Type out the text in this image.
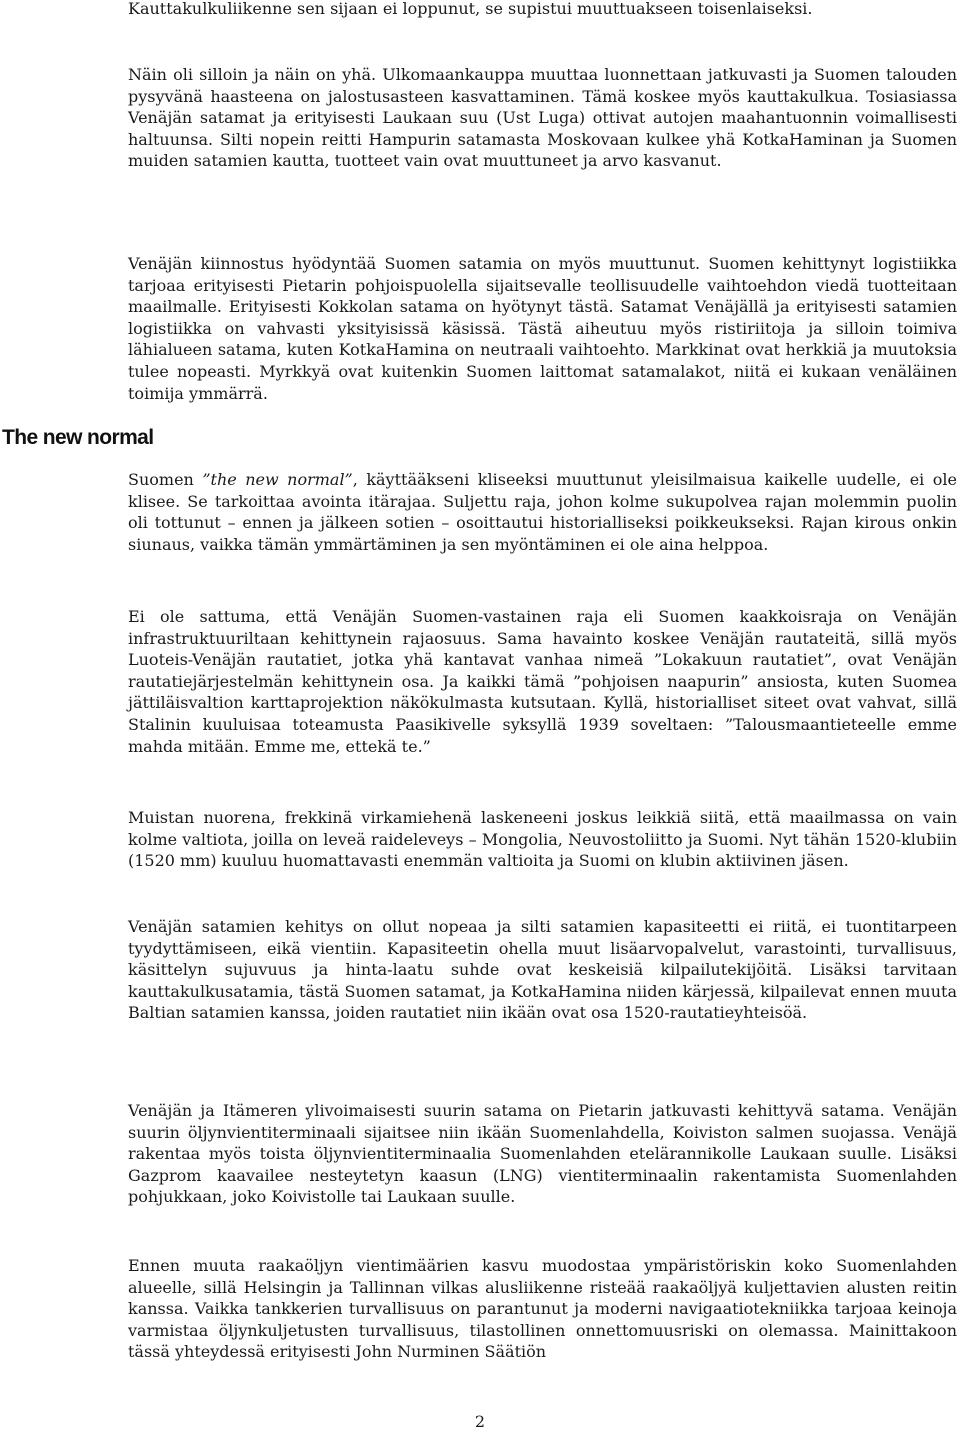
Kauttakulkuliikenne sen sijaan ei loppunut, se supistui muuttuakseen toisenlaiseksi.

Näin oli silloin ja näin on yhä. Ulkomaankauppa muuttaa luonnettaan jatkuvasti ja Suomen talouden pysyvänä haasteena on jalostusasteen kasvattaminen. Tämä koskee myös kauttakulkua. Tosiasiassa Venäjän satamat ja erityisesti Laukaan suu (Ust Luga) ottivat autojen maahantuonnin voimallisesti haltuunsa. Silti nopein reitti Hampurin satamasta Moskovaan kulkee yhä KotkaHaminan ja Suomen muiden satamien kautta, tuotteet vain ovat muuttuneet ja arvo kasvanut.

Venäjän kiinnostus hyödyntää Suomen satamia on myös muuttunut. Suomen kehittynyt logistiikka tarjoaa erityisesti Pietarin pohjoispuolella sijaitsevalle teollisuudelle vaihtoehdon viedä tuotteitaan maailmalle. Erityisesti Kokkolan satama on hyötynyt tästä. Satamat Venäjällä ja erityisesti satamien logistiikka on vahvasti yksityisissä käsissä. Tästä aiheutuu myös ristiriitoja ja silloin toimiva lähialueen satama, kuten KotkaHamina on neutraali vaihtoehto. Markkinat ovat herkkiä ja muutoksia tulee nopeasti. Myrkkyä ovat kuitenkin Suomen laittomat satamalakot, niitä ei kukaan venäläinen toimija ymmärrä.

Suomen ”the new normal”, käyttääkseni kliseeksi muuttunut yleisilmaisua kaikelle uudelle, ei ole klisee. Se tarkoittaa avointa itärajaa. Suljettu raja, johon kolme sukupolvea rajan molemmin puolin oli tottunut – ennen ja jälkeen sotien – osoittautui historialliseksi poikkeukseksi. Rajan kirous onkin siunaus, vaikka tämän ymmärtäminen ja sen myöntäminen ei ole aina helppoa.

Ei ole sattuma, että Venäjän Suomen-vastainen raja eli Suomen kaakkoisraja on Venäjän infrastruktuuriltaan kehittynein rajaosuus. Sama havainto koskee Venäjän rautateitä, sillä myös Luoteis-Venäjän rautatiet, jotka yhä kantavat vanhaa nimeä ”Lokakuun rautatiet”, ovat Venäjän rautatiejärjestelmän kehittynein osa. Ja kaikki tämä ”pohjoisen naapurin” ansiosta, kuten Suomea jättiläisvaltion karttaprojektion näkökulmasta kutsutaan. Kyllä, historialliset siteet ovat vahvat, sillä Stalinin kuuluisaa toteamusta Paasikivelle syksyllä 1939 soveltaen: ”Talousmaantieteelle emme mahda mitään. Emme me, ettekä te.”

Muistan nuorena, frekkinä virkamiehenä laskeneeni joskus leikkiä siitä, että maailmassa on vain kolme valtiota, joilla on leveä raideleveys – Mongolia, Neuvostoliitto ja Suomi. Nyt tähän 1520-klubiin (1520 mm) kuuluu huomattavasti enemmän valtioita ja Suomi on klubin aktiivinen jäsen.

Venäjän satamien kehitys on ollut nopeaa ja silti satamien kapasiteetti ei riitä, ei tuontitarpeen tyydyttämiseen, eikä vientiin. Kapasiteetin ohella muut lisäarvopalvelut, varastointi, turvallisuus, käsittelyn sujuvuus ja hinta-laatu suhde ovat keskeisiä kilpailutekijöitä. Lisäksi tarvitaan kauttakulkusatamia, tästä Suomen satamat, ja KotkaHamina niiden kärjessä, kilpailevat ennen muuta Baltian satamien kanssa, joiden rautatiet niin ikään ovat osa 1520-rautatieyhteisöä.

Venäjän ja Itämeren ylivoimaisesti suurin satama on Pietarin jatkuvasti kehittyvä satama. Venäjän suurin öljynvientiterminaali sijaitsee niin ikään Suomenlahdella, Koiviston salmen suojassa. Venäjä rakentaa myös toista öljynvientiterminaalia Suomenlahden etelärannikolle Laukaan suulle. Lisäksi Gazprom kaavailee nesteytetyn kaasun (LNG) vientiterminaalin rakentamista Suomenlahden pohjukkaan, joko Koivistolle tai Laukaan suulle.

Ennen muuta raakaöljyn vientimäärien kasvu muodostaa ympäristöriskin koko Suomenlahden alueelle, sillä Helsingin ja Tallinnan vilkas alusliikenne risteää raakaöljyä kuljettavien alusten reitin kanssa. Vaikka tankkerien turvallisuus on parantunut ja moderni navigaatiotekniikka tarjoaa keinoja varmistaa öljynkuljetusten turvallisuus, tilastollinen onnettomuusriski on olemassa. Mainittakoon tässä yhteydessä erityisesti John Nurminen Säätiön

The new normal
2
